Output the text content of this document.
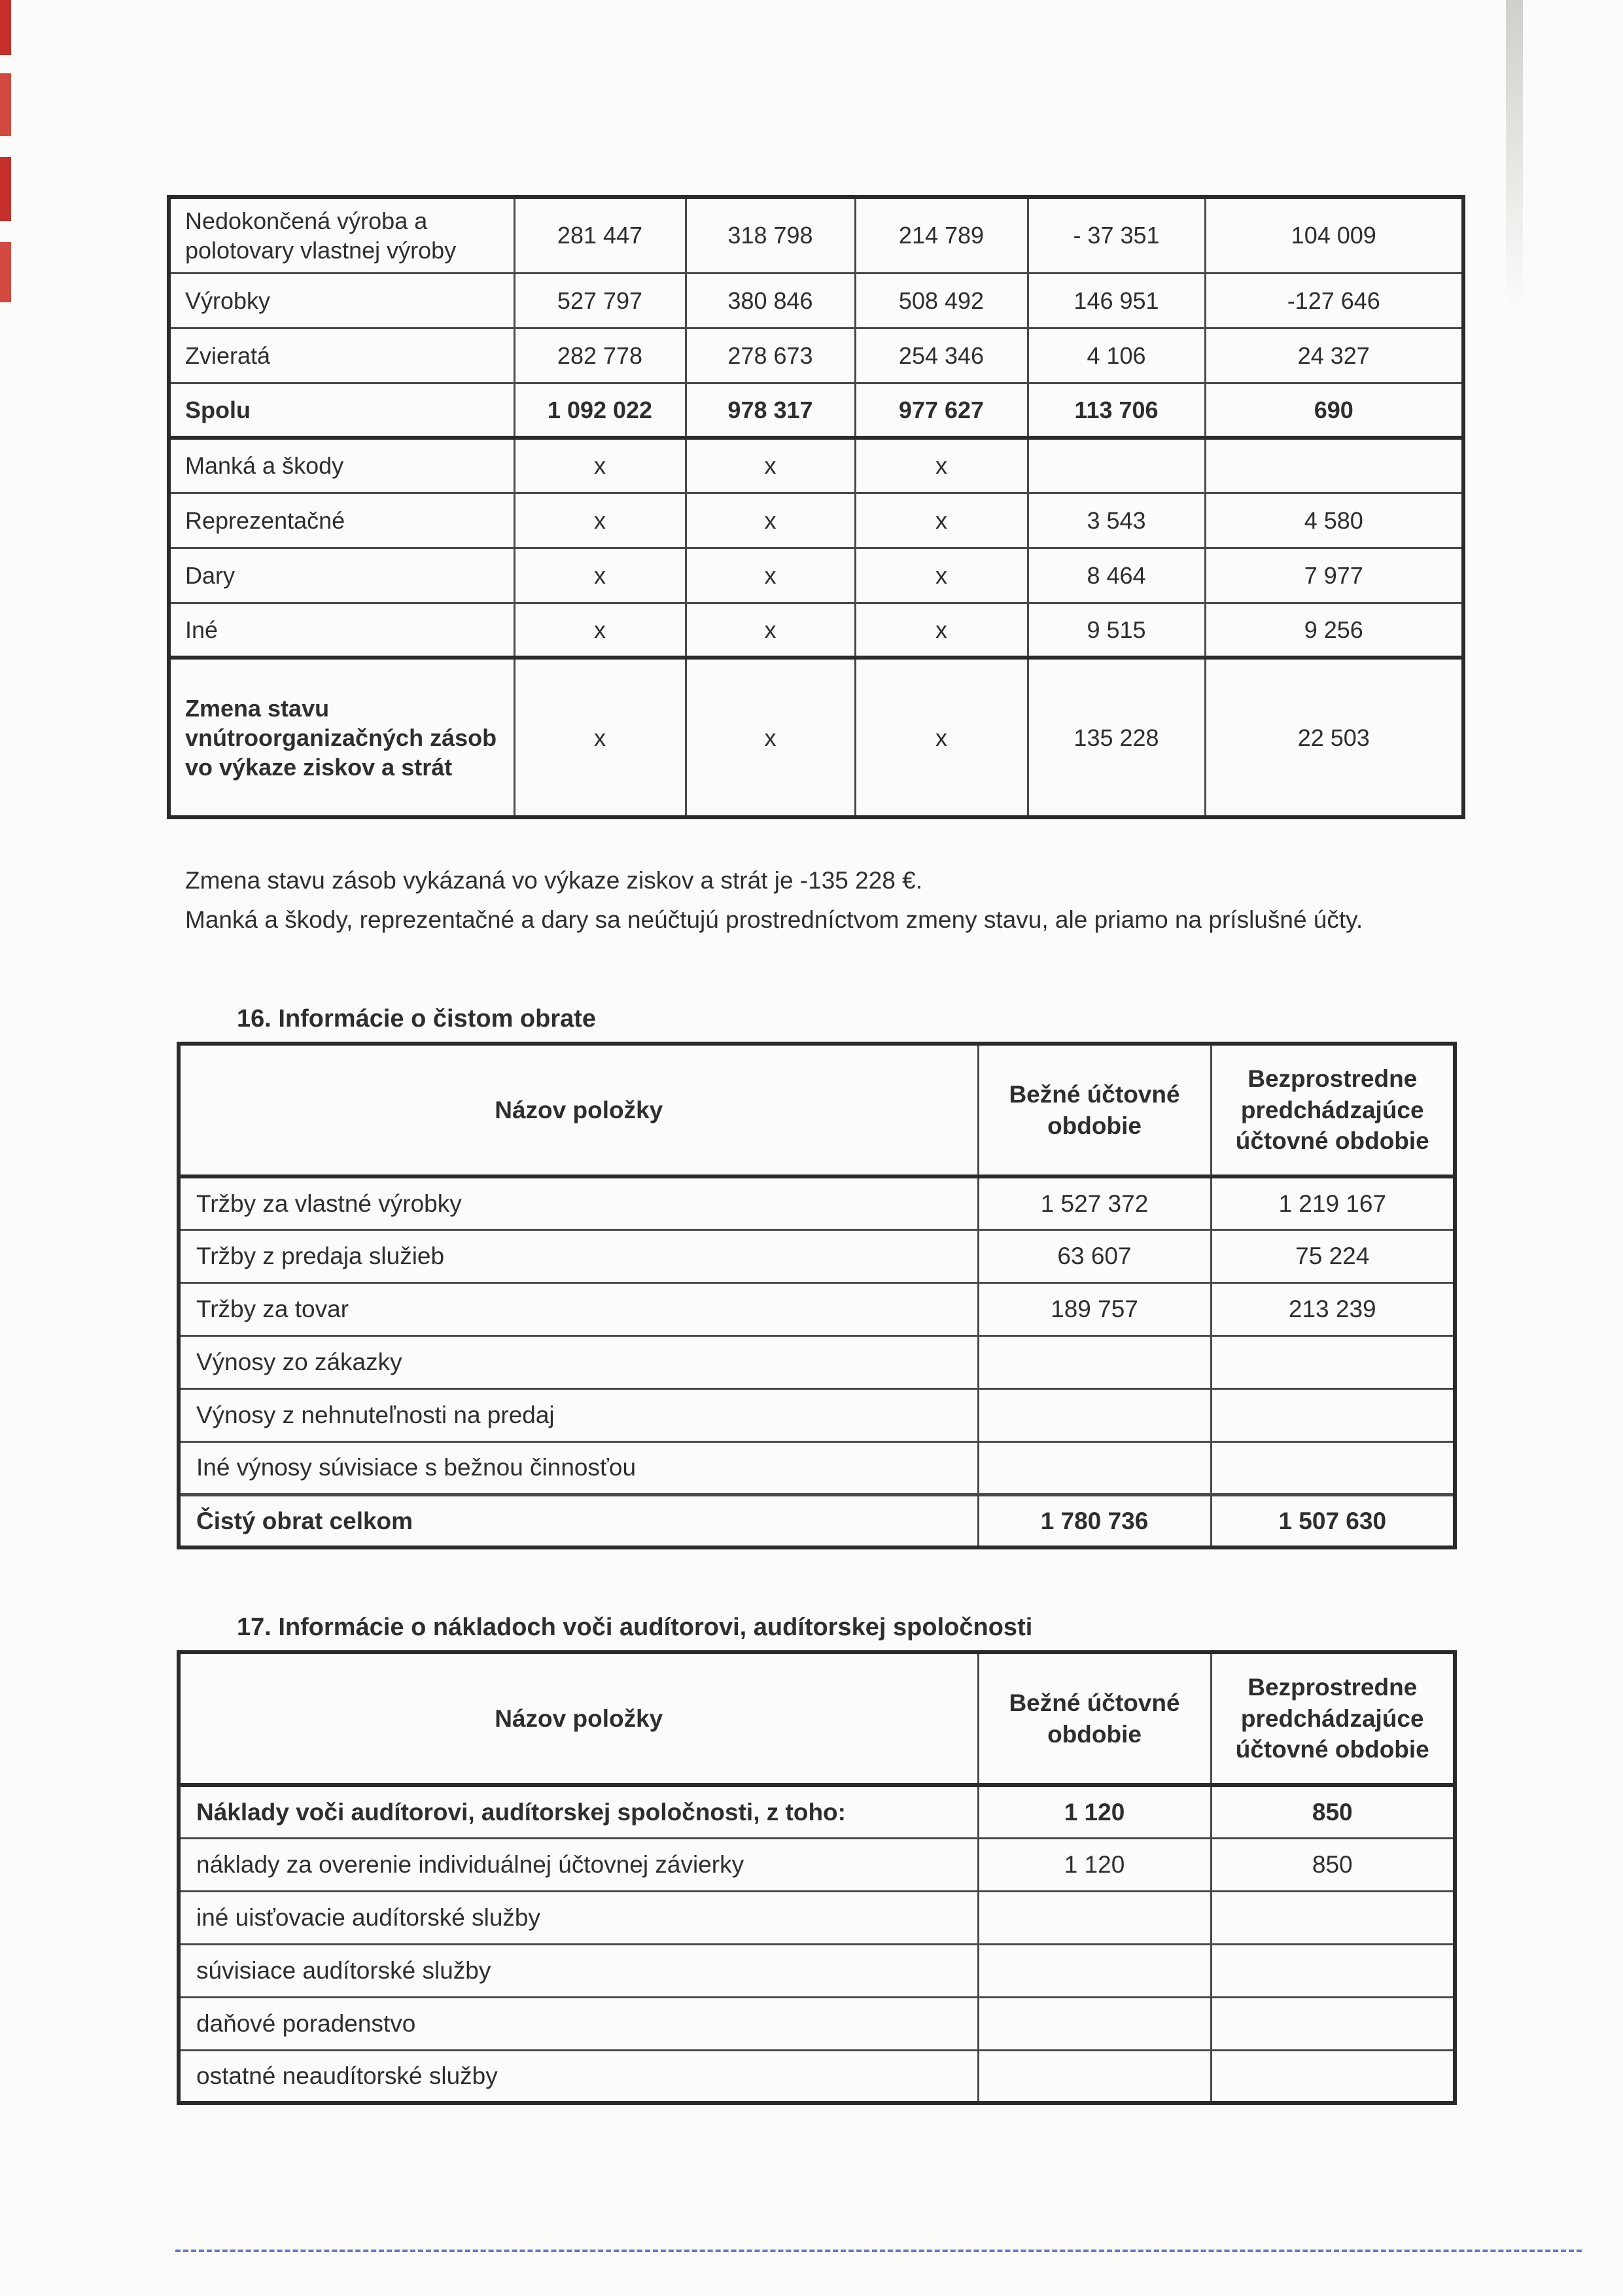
Nedokončená výroba a polotovary vlastnej výroby	281 447	318 798	214 789	- 37 351	104 009
Výrobky	527 797	380 846	508 492	146 951	-127 646
Zvieratá	282 778	278 673	254 346	4 106	24 327
Spolu	1 092 022	978 317	977 627	113 706	690
Manká a škody	x	x	x		
Reprezentačné	x	x	x	3 543	4 580
Dary	x	x	x	8 464	7 977
Iné	x	x	x	9 515	9 256
Zmena stavu vnútroorganizačných zásob vo výkaze ziskov a strát	x	x	x	135 228	22 503

Zmena stavu zásob vykázaná vo výkaze ziskov a strát je -135 228 €.

Manká a škody, reprezentačné a dary sa neúčtujú prostredníctvom zmeny stavu, ale priamo na príslušné účty.

16. Informácie o čistom obrate
Názov položky	Bežné účtovné obdobie	Bezprostredne predchádzajúce účtovné obdobie
Tržby za vlastné výrobky	1 527 372	1 219 167
Tržby z predaja služieb	63 607	75 224
Tržby za tovar	189 757	213 239
Výnosy zo zákazky		
Výnosy z nehnuteľnosti na predaj		
Iné výnosy súvisiace s bežnou činnosťou		
Čistý obrat celkom	1 780 736	1 507 630
17. Informácie o nákladoch voči audítorovi, audítorskej spoločnosti
Názov položky	Bežné účtovné obdobie	Bezprostredne predchádzajúce účtovné obdobie
Náklady voči audítorovi, audítorskej spoločnosti, z toho:	1 120	850
náklady za overenie individuálnej účtovnej závierky	1 120	850
iné uisťovacie audítorské služby		
súvisiace audítorské služby		
daňové poradenstvo		
ostatné neaudítorské služby		
